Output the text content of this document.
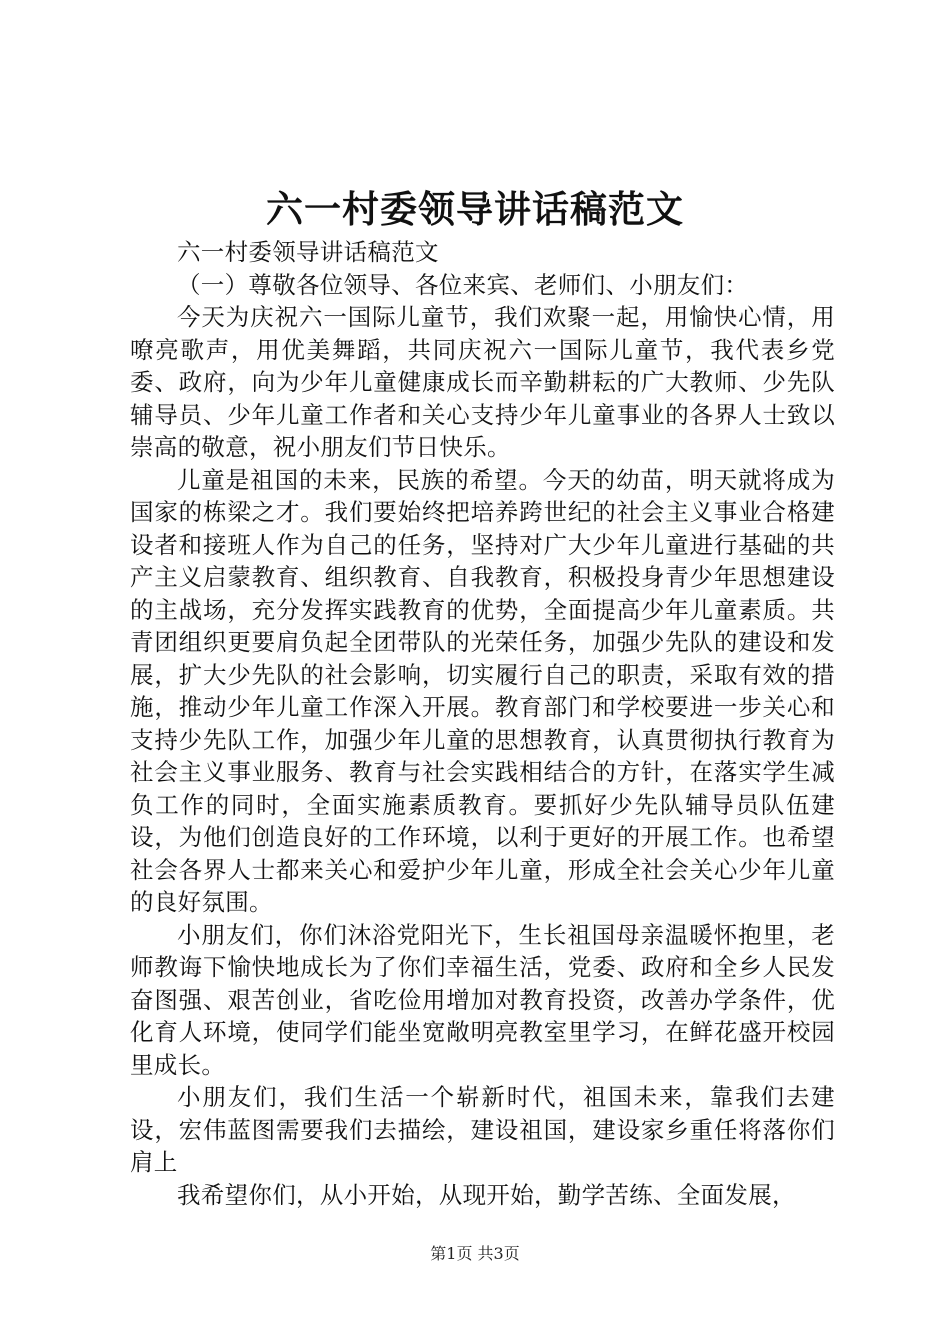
六一村委领导讲话稿范文

六一村委领导讲话稿范文

（一）尊敬各位领导、各位来宾、老师们、小朋友们：

今天为庆祝六一国际儿童节，我们欢聚一起，用愉快心情，用嘹亮歌声，用优美舞蹈，共同庆祝六一国际儿童节，我代表乡党委、政府，向为少年儿童健康成长而辛勤耕耘的广大教师、少先队辅导员、少年儿童工作者和关心支持少年儿童事业的各界人士致以崇高的敬意，祝小朋友们节日快乐。

儿童是祖国的未来，民族的希望。今天的幼苗，明天就将成为国家的栋梁之才。我们要始终把培养跨世纪的社会主义事业合格建设者和接班人作为自己的任务，坚持对广大少年儿童进行基础的共产主义启蒙教育、组织教育、自我教育，积极投身青少年思想建设的主战场，充分发挥实践教育的优势，全面提高少年儿童素质。共青团组织更要肩负起全团带队的光荣任务，加强少先队的建设和发展，扩大少先队的社会影响，切实履行自己的职责，采取有效的措施，推动少年儿童工作深入开展。教育部门和学校要进一步关心和支持少先队工作，加强少年儿童的思想教育，认真贯彻执行教育为社会主义事业服务、教育与社会实践相结合的方针，在落实学生减负工作的同时，全面实施素质教育。要抓好少先队辅导员队伍建设，为他们创造良好的工作环境，以利于更好的开展工作。也希望社会各界人士都来关心和爱护少年儿童，形成全社会关心少年儿童的良好氛围。

小朋友们，你们沐浴党阳光下，生长祖国母亲温暖怀抱里，老师教诲下愉快地成长为了你们幸福生活，党委、政府和全乡人民发奋图强、艰苦创业，省吃俭用增加对教育投资，改善办学条件，优化育人环境，使同学们能坐宽敞明亮教室里学习，在鲜花盛开校园里成长。

小朋友们，我们生活一个崭新时代，祖国未来，靠我们去建设，宏伟蓝图需要我们去描绘，建设祖国，建设家乡重任将落你们肩上

我希望你们，从小开始，从现开始，勤学苦练、全面发展，

第1页 共3页
